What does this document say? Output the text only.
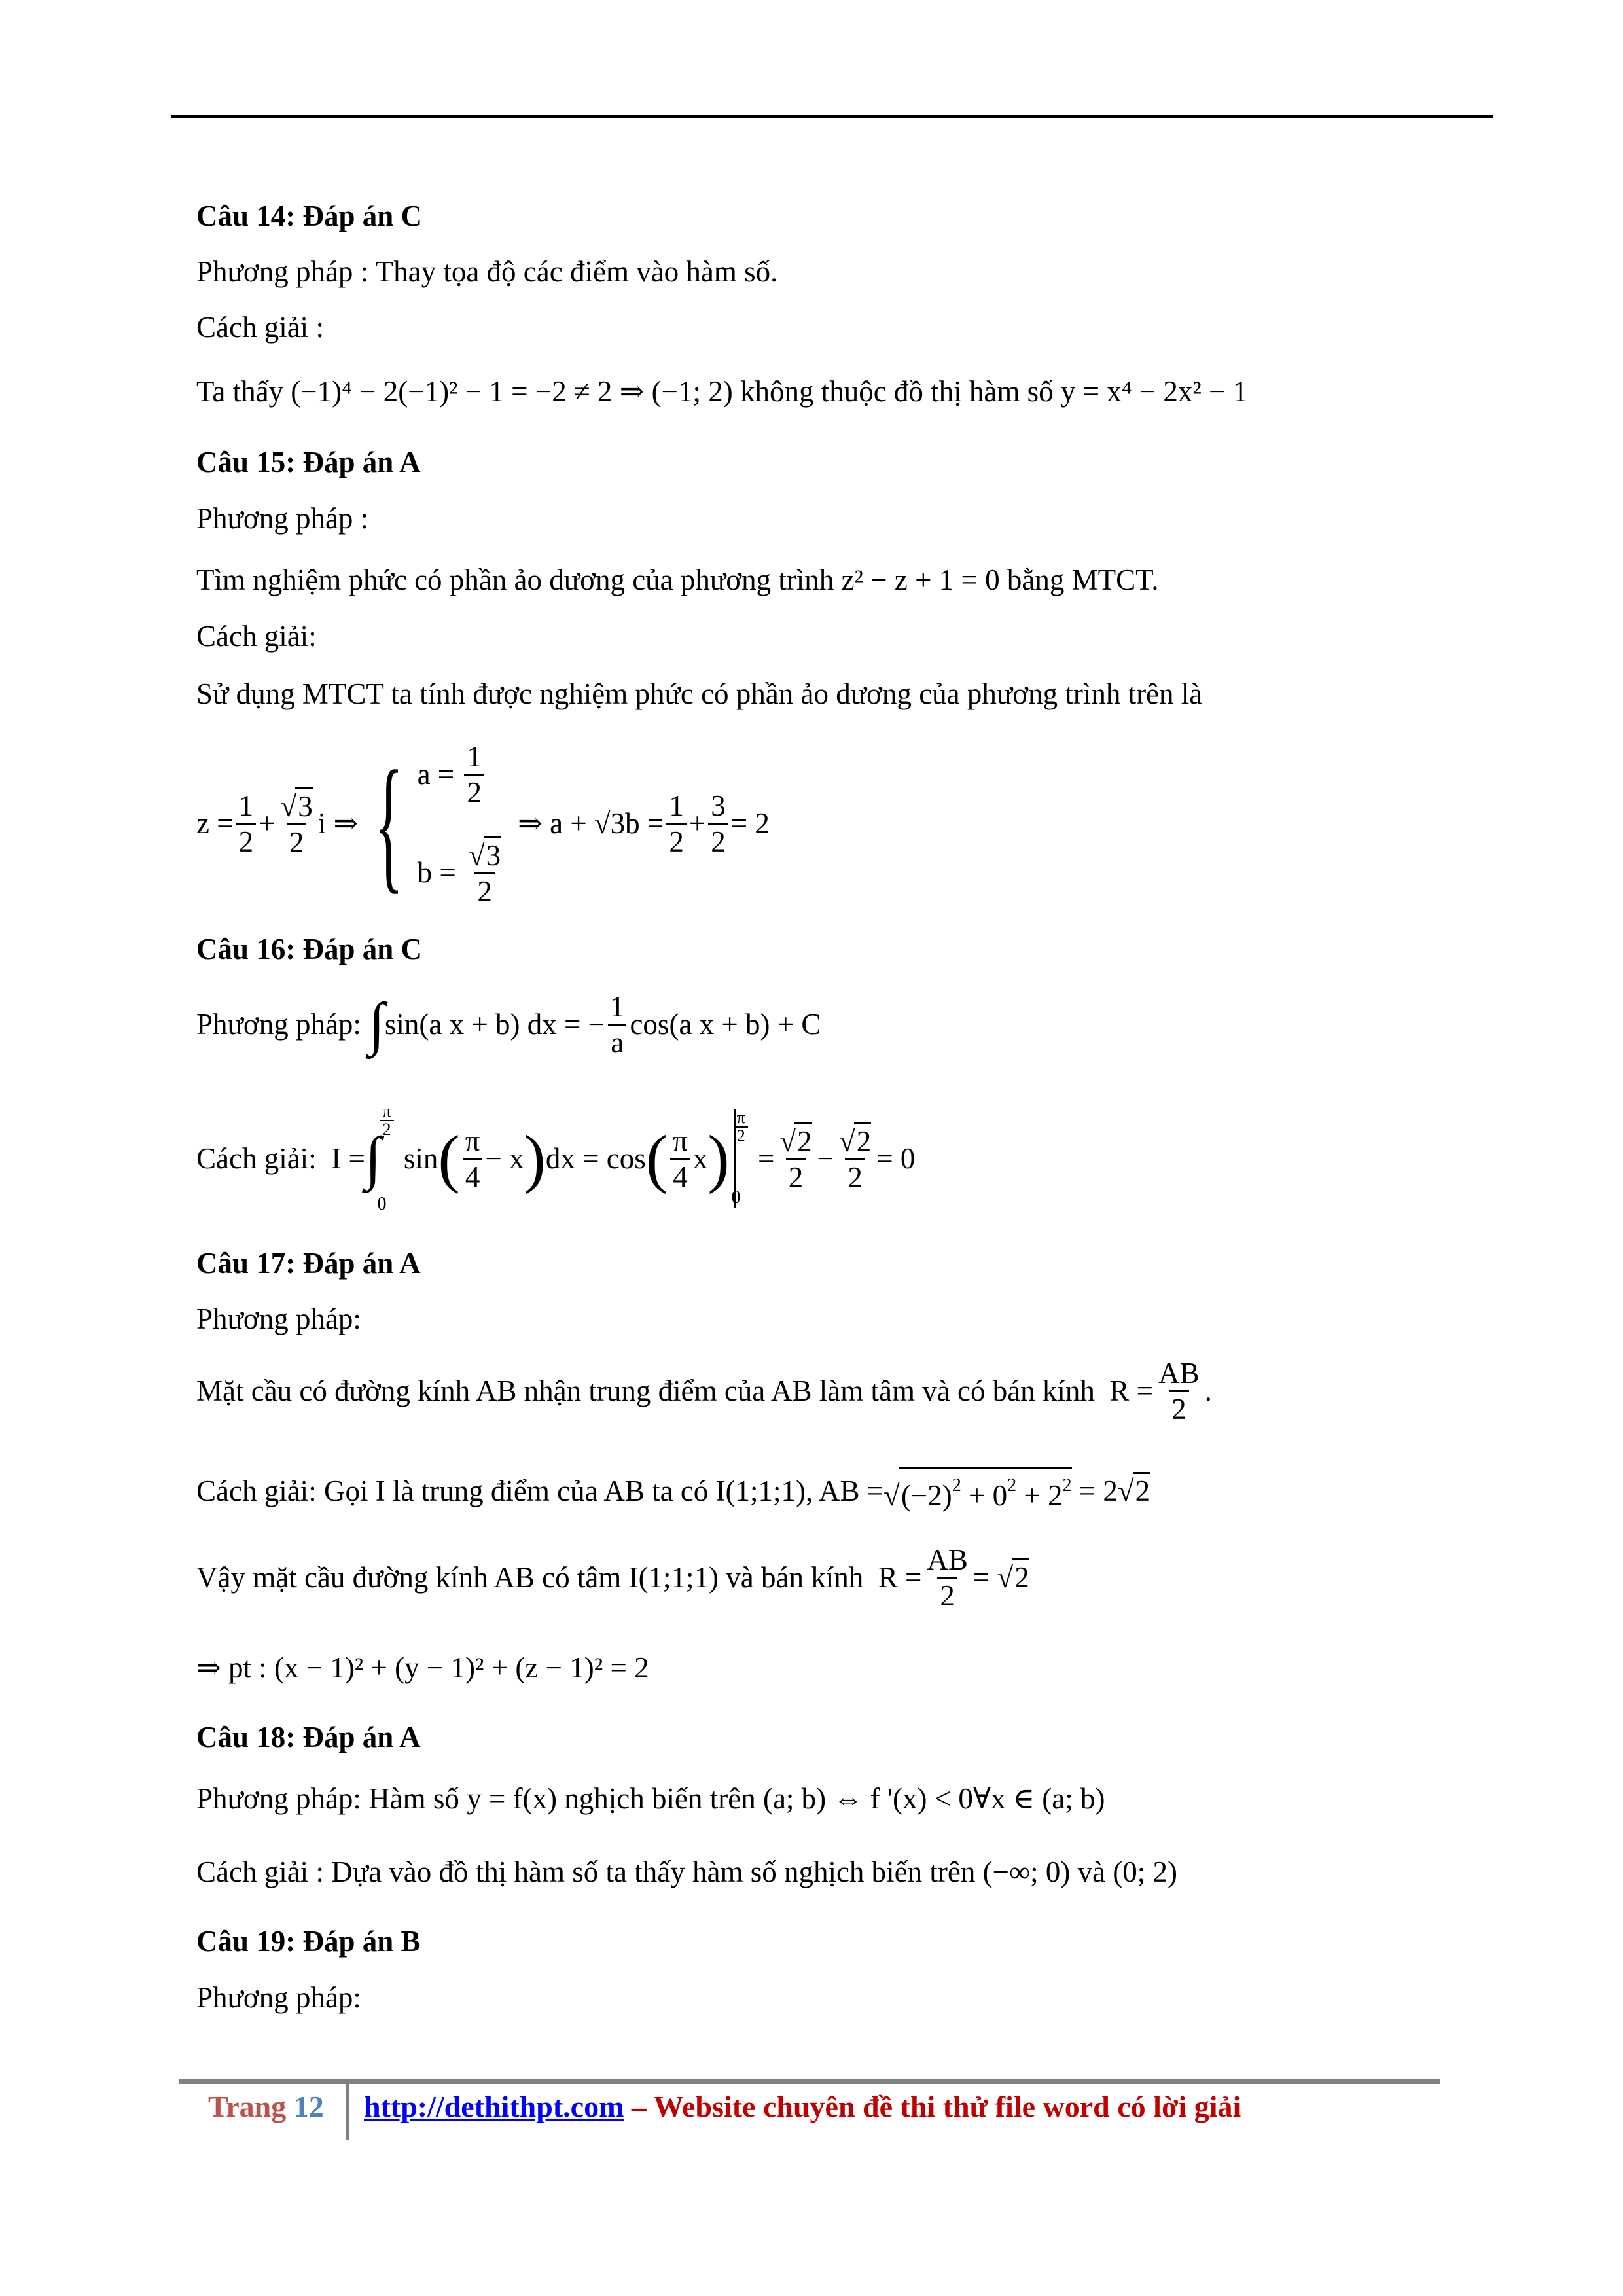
Câu 14: Đáp án C
Phương pháp : Thay tọa độ các điểm vào hàm số.
Cách giải :
Ta thấy (−1)⁴ − 2(−1)² − 1 = −2 ≠ 2 ⇒ (−1; 2) không thuộc đồ thị hàm số y = x⁴ − 2x² − 1
Câu 15: Đáp án A
Phương pháp :
Tìm nghiệm phức có phần ảo dương của phương trình z² − z + 1 = 0 bằng MTCT.
Cách giải:
Sử dụng MTCT ta tính được nghiệm phức có phần ảo dương của phương trình trên là
$z = \frac{1}{2} + \frac{√3}{2}$ i ⇒ { $a = \frac{1}{2}$
$b = \frac{√3}{2}$
⇒ $a + √3b = \frac{1}{2} + \frac{3}{2} = 2$
Câu 16: Đáp án C
Phương pháp:
∫ sin(a x + b) dx = − $\frac{1}{a} \cos(a$ x + b) + C
Cách giải: I = ∫
$\frac{\pi}{2}$
0
sin ( $\frac{\pi}{4} - x$ ) dx = cos ( $\frac{\pi}{4}$ x ) $\frac{\pi}{2}$
0
= $\frac{√2}{2} - \frac{√2}{2} = 0$
Câu 17: Đáp án A
Phương pháp:
Mặt cầu có đường kính AB nhận trung điểm của AB làm tâm và có bán kính $R = \frac{AB}{2}$ .
Cách giải: Gọi I là trung điểm của AB ta có
I(1;1;1), AB = $√(-2)^2 + 0^2 + 2^2 = 2√2$
Vậy mặt cầu đường kính AB có tâm
I(1;1;1)
và bán kính $R = \frac{AB}{2} = √2$
⇒ pt : (x − 1)² + (y − 1)² + (z − 1)² = 2
Câu 18: Đáp án A
Phương pháp: Hàm số y = f(x) nghịch biến trên (a; b) ⇔ f '(x) < 0∀x ∈ (a; b)
Cách giải : Dựa vào đồ thị hàm số ta thấy hàm số nghịch biến trên (−∞; 0) và (0; 2)
Câu 19: Đáp án B
Phương pháp:
Trang 12 http://dethithpt.com – Website chuyên đề thi thử file word có lời giải
